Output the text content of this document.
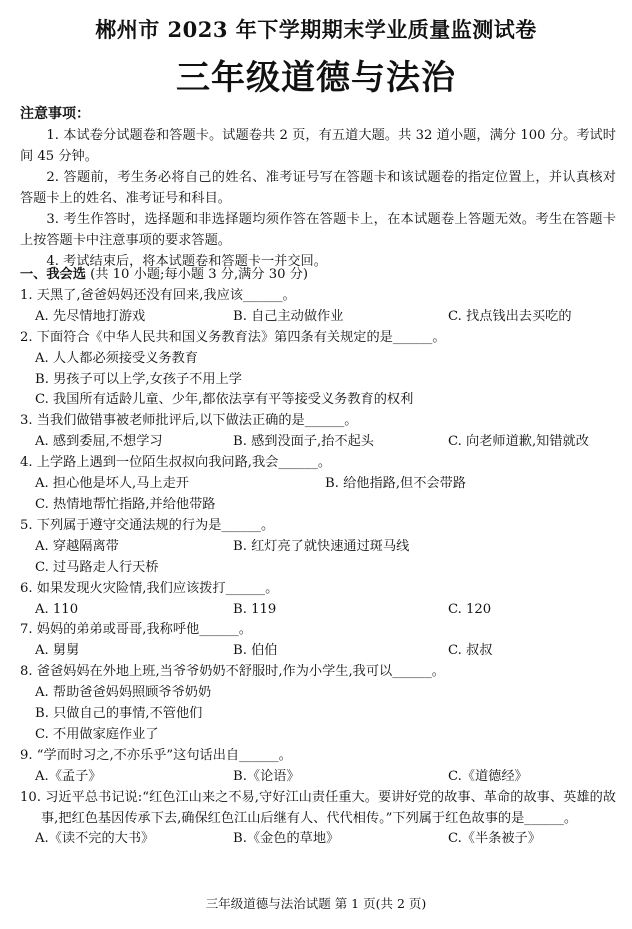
郴州市 2023 年下学期期末学业质量监测试卷
三年级道德与法治
注意事项：

1. 本试卷分试题卷和答题卡。试题卷共 2 页，有五道大题。共 32 道小题，满分 100 分。考试时间 45 分钟。

2. 答题前，考生务必将自己的姓名、准考证号写在答题卡和该试题卷的指定位置上，并认真核对答题卡上的姓名、准考证号和科目。

3. 考生作答时，选择题和非选择题均须作答在答题卡上，在本试题卷上答题无效。考生在答题卡上按答题卡中注意事项的要求答题。

4. 考试结束后，将本试题卷和答题卡一并交回。

一、我会选 (共 10 小题;每小题 3 分,满分 30 分)
1. 天黑了,爸爸妈妈还没有回来,我应该______。
A. 先尽情地打游戏	B. 自己主动做作业	C. 找点钱出去买吃的
2. 下面符合《中华人民共和国义务教育法》第四条有关规定的是______。
A. 人人都必须接受义务教育
B. 男孩子可以上学,女孩子不用上学
C. 我国所有适龄儿童、少年,都依法享有平等接受义务教育的权利
3. 当我们做错事被老师批评后,以下做法正确的是______。
A. 感到委屈,不想学习	B. 感到没面子,抬不起头	C. 向老师道歉,知错就改
4. 上学路上遇到一位陌生叔叔向我问路,我会______。
A. 担心他是坏人,马上走开	B. 给他指路,但不会带路
C. 热情地帮忙指路,并给他带路
5. 下列属于遵守交通法规的行为是______。
A. 穿越隔离带	B. 红灯亮了就快速通过斑马线
C. 过马路走人行天桥
6. 如果发现火灾险情,我们应该拨打______。
A. 110	B. 119	C. 120
7. 妈妈的弟弟或哥哥,我称呼他______。
A. 舅舅	B. 伯伯	C. 叔叔
8. 爸爸妈妈在外地上班,当爷爷奶奶不舒服时,作为小学生,我可以______。
A. 帮助爸爸妈妈照顾爷爷奶奶
B. 只做自己的事情,不管他们
C. 不用做家庭作业了
9. “学而时习之,不亦乐乎”这句话出自______。
A.《孟子》	B.《论语》	C.《道德经》
10. 习近平总书记说:“红色江山来之不易,守好江山责任重大。要讲好党的故事、革命的故事、英雄的故事,把红色基因传承下去,确保红色江山后继有人、代代相传。”下列属于红色故事的是______。
A.《读不完的大书》	B.《金色的草地》	C.《半条被子》
三年级道德与法治试题 第 1 页(共 2 页)
